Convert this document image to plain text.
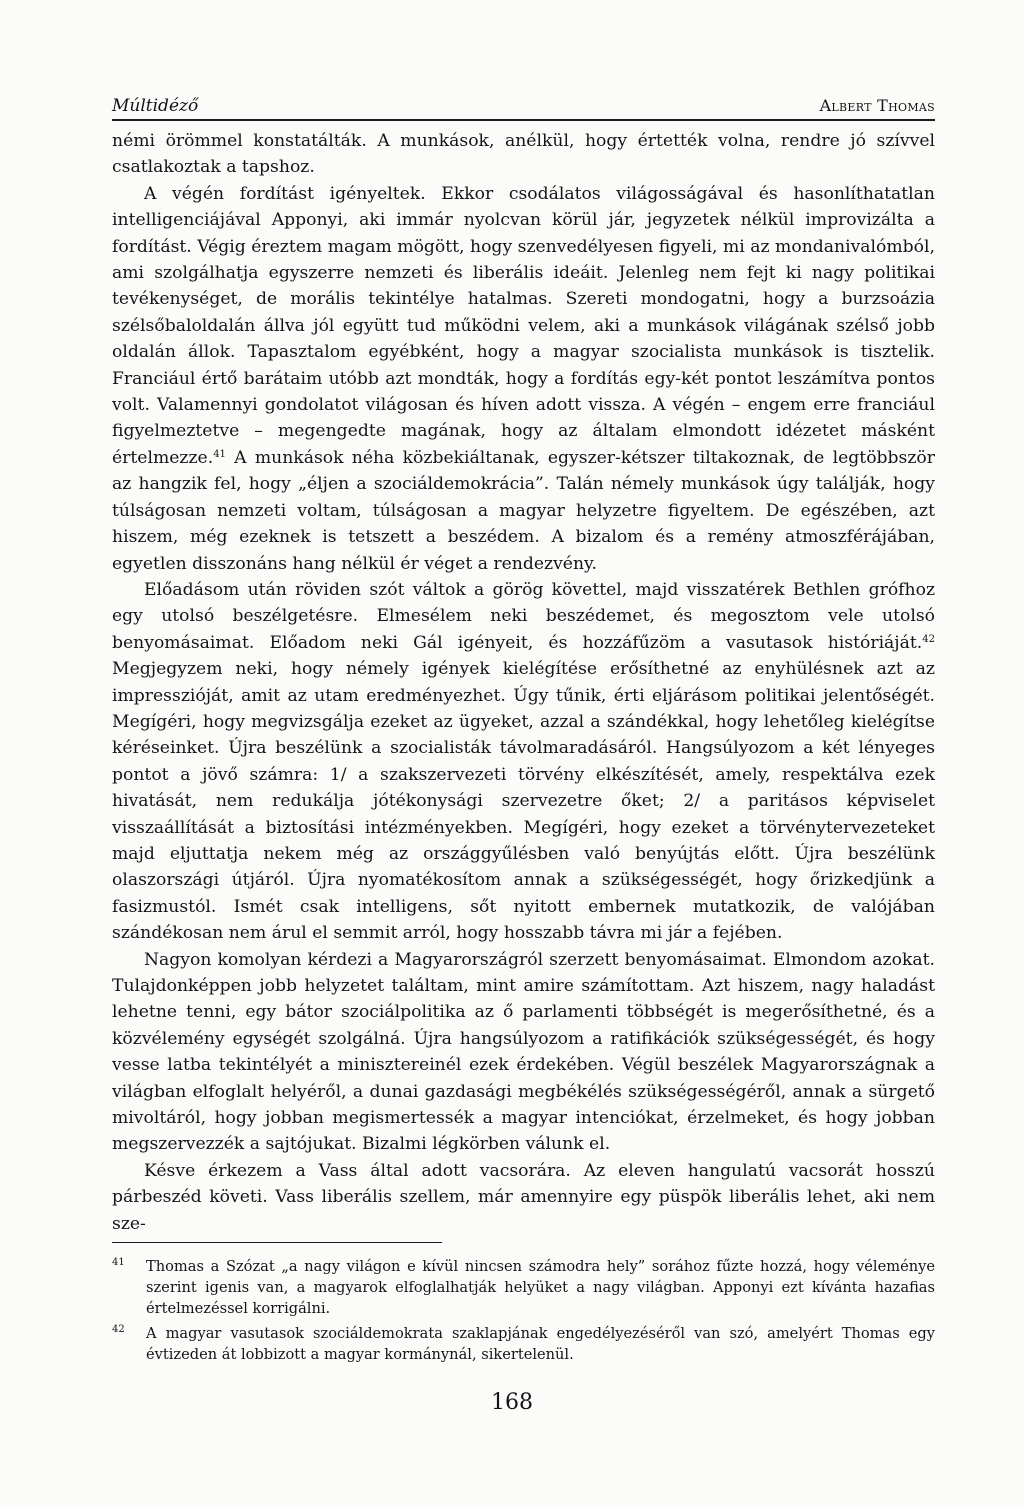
Múltidéző	Albert Thomas

némi örömmel konstatálták. A munkások, anélkül, hogy értették volna, rendre jó szívvel csatlakoztak a tapshoz.

A végén fordítást igényeltek. Ekkor csodálatos világosságával és hasonlíthatatlan intelligenciájával Apponyi, aki immár nyolcvan körül jár, jegyzetek nélkül improvizálta a fordítást. Végig éreztem magam mögött, hogy szenvedélyesen figyeli, mi az mondanivalómból, ami szolgálhatja egyszerre nemzeti és liberális ideáit. Jelenleg nem fejt ki nagy politikai tevékenységet, de morális tekintélye hatalmas. Szereti mondogatni, hogy a burzsoázia szélsőbaloldalán állva jól együtt tud működni velem, aki a munkások világának szélső jobb oldalán állok. Tapasztalom egyébként, hogy a magyar szocialista munkások is tisztelik. Franciául értő barátaim utóbb azt mondták, hogy a fordítás egy-két pontot leszámítva pontos volt. Valamennyi gondolatot világosan és híven adott vissza. A végén – engem erre franciául figyelmeztetve – megengedte magának, hogy az általam elmondott idézetet másként értelmezze.$^{41}$ A munkások néha közbekiáltanak, egyszer-kétszer tiltakoznak, de legtöbbször az hangzik fel, hogy „éljen a szociáldemokrácia”. Talán némely munkások úgy találják, hogy túlságosan nemzeti voltam, túlságosan a magyar helyzetre figyeltem. De egészében, azt hiszem, még ezeknek is tetszett a beszédem. A bizalom és a remény atmoszférájában, egyetlen disszonáns hang nélkül ér véget a rendezvény.

Előadásom után röviden szót váltok a görög követtel, majd visszatérek Bethlen grófhoz egy utolsó beszélgetésre. Elmesélem neki beszédemet, és megosztom vele utolsó benyomásaimat. Előadom neki Gál igényeit, és hozzáfűzöm a vasutasok históriáját.$^{42}$ Megjegyzem neki, hogy némely igények kielégítése erősíthetné az enyhülésnek azt az impresszióját, amit az utam eredményezhet. Úgy tűnik, érti eljárásom politikai jelentőségét. Megígéri, hogy megvizsgálja ezeket az ügyeket, azzal a szándékkal, hogy lehetőleg kielégítse kéréseinket. Újra beszélünk a szocialisták távolmaradásáról. Hangsúlyozom a két lényeges pontot a jövő számra: 1/ a szakszervezeti törvény elkészítését, amely, respektálva ezek hivatását, nem redukálja jótékonysági szervezetre őket; 2/ a paritásos képviselet visszaállítását a biztosítási intézményekben. Megígéri, hogy ezeket a törvénytervezeteket majd eljuttatja nekem még az országgyűlésben való benyújtás előtt. Újra beszélünk olaszországi útjáról. Újra nyomatékosítom annak a szükségességét, hogy őrizkedjünk a fasizmustól. Ismét csak intelligens, sőt nyitott embernek mutatkozik, de valójában szándékosan nem árul el semmit arról, hogy hosszabb távra mi jár a fejében.

Nagyon komolyan kérdezi a Magyarországról szerzett benyomásaimat. Elmondom azokat. Tulajdonképpen jobb helyzetet találtam, mint amire számítottam. Azt hiszem, nagy haladást lehetne tenni, egy bátor szociálpolitika az ő parlamenti többségét is megerősíthetné, és a közvélemény egységét szolgálná. Újra hangsúlyozom a ratifikációk szükségességét, és hogy vesse latba tekintélyét a minisztereinél ezek érdekében. Végül beszélek Magyarországnak a világban elfoglalt helyéről, a dunai gazdasági megbékélés szükségességéről, annak a sürgető mivoltáról, hogy jobban megismertessék a magyar intenciókat, érzelmeket, és hogy jobban megszervezzék a sajtójukat. Bizalmi légkörben válunk el.

Késve érkezem a Vass által adott vacsorára. Az eleven hangulatú vacsorát hosszú párbeszéd követi. Vass liberális szellem, már amennyire egy püspök liberális lehet, aki nem sze-

41 Thomas a Szózat „a nagy világon e kívül nincsen számodra hely” sorához fűzte hozzá, hogy véleménye szerint igenis van, a magyarok elfoglalhatják helyüket a nagy világban. Apponyi ezt kívánta hazafias értelmezéssel korrigálni.
42 A magyar vasutasok szociáldemokrata szaklapjának engedélyezéséről van szó, amelyért Thomas egy évtizeden át lobbizott a magyar kormánynál, sikertelenül.
168
